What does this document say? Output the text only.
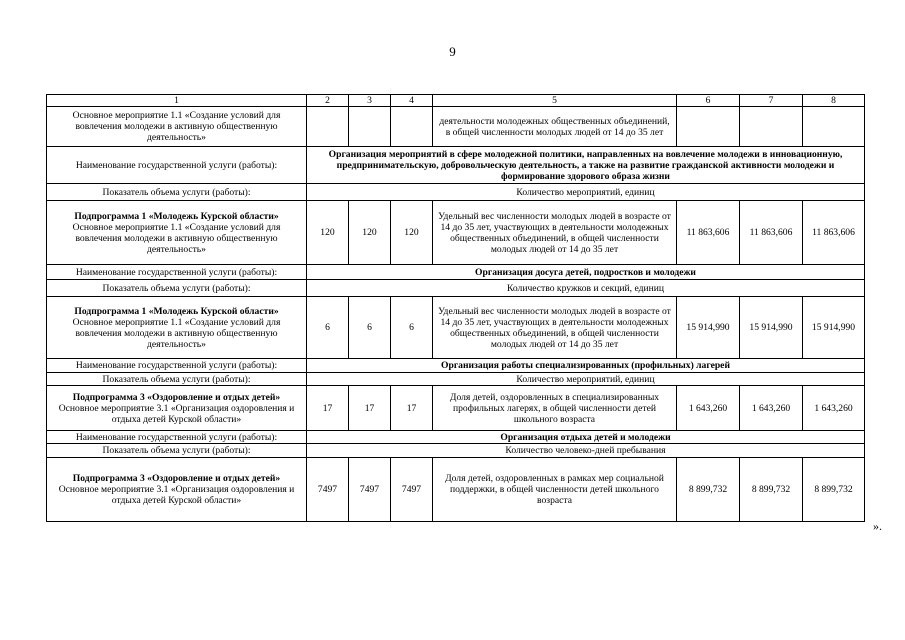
9
1	2	3	4	5	6	7	8
Основное мероприятие 1.1 «Создание условий для вовлечения молодежи в активную общественную деятельность»				деятельности молодежных общественных объединений, в общей численности молодых людей от 14 до 35 лет			
Наименование государственной услуги (работы):	Организация мероприятий в сфере молодежной политики, направленных на вовлечение молодежи в инновационную, предпринимательскую, добровольческую деятельность, а также на развитие гражданской активности молодежи и формирование здорового образа жизни						
Показатель объема услуги (работы):	Количество мероприятий, единиц						

Подпрограмма 1 «Молодежь Курской области»
Основное мероприятие 1.1 «Создание условий для вовлечения молодежи в активную общественную деятельность»	120	120	120	Удельный вес численности молодых людей в возрасте от 14 до 35 лет, участвующих в деятельности молодежных общественных объединений, в общей численности молодых людей от 14 до 35 лет	11 863,606	11 863,606	11 863,606
Наименование государственной услуги (работы):	Организация досуга детей, подростков и молодежи						
Показатель объема услуги (работы):	Количество кружков и секций, единиц						

Подпрограмма 1 «Молодежь Курской области»
Основное мероприятие 1.1 «Создание условий для вовлечения молодежи в активную общественную деятельность»	6	6	6	Удельный вес численности молодых людей в возрасте от 14 до 35 лет, участвующих в деятельности молодежных общественных объединений, в общей численности молодых людей от 14 до 35 лет	15 914,990	15 914,990	15 914,990
Наименование государственной услуги (работы):	Организация работы специализированных (профильных) лагерей						
Показатель объема услуги (работы):	Количество мероприятий, единиц						

Подпрограмма 3 «Оздоровление и отдых детей»
Основное мероприятие 3.1 «Организация оздоровления и отдыха детей Курской области»	17	17	17	Доля детей, оздоровленных в специализированных профильных лагерях, в общей численности детей школьного возраста	1 643,260	1 643,260	1 643,260
Наименование государственной услуги (работы):	Организация отдыха детей и молодежи						
Показатель объема услуги (работы):	Количество человеко-дней пребывания						

Подпрограмма 3 «Оздоровление и отдых детей»
Основное мероприятие 3.1 «Организация оздоровления и отдыха детей Курской области»	7497	7497	7497	Доля детей, оздоровленных в рамках мер социальной поддержки, в общей численности детей школьного возраста	8 899,732	8 899,732	8 899,732
».
